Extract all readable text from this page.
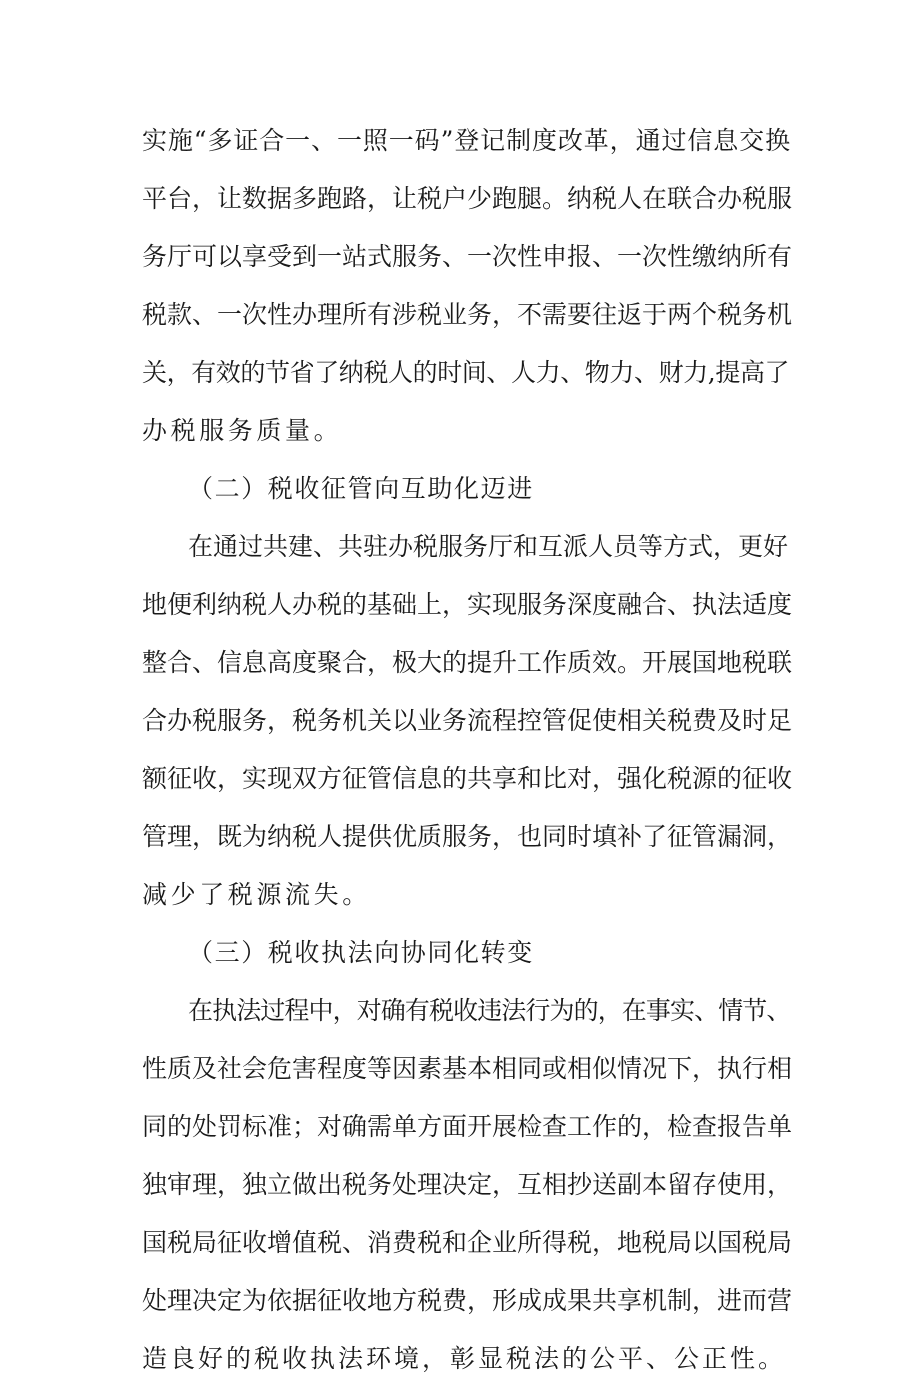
实施“多证合一、一照一码”登记制度改革，通过信息交换
平台，让数据多跑路，让税户少跑腿。纳税人在联合办税服
务厅可以享受到一站式服务、一次性申报、一次性缴纳所有
税款、一次性办理所有涉税业务，不需要往返于两个税务机
关，有效的节省了纳税人的时间、人力、物力、财力,提高了
办税服务质量。
（二）税收征管向互助化迈进
在通过共建、共驻办税服务厅和互派人员等方式，更好
地便利纳税人办税的基础上，实现服务深度融合、执法适度
整合、信息高度聚合，极大的提升工作质效。开展国地税联
合办税服务，税务机关以业务流程控管促使相关税费及时足
额征收，实现双方征管信息的共享和比对，强化税源的征收
管理，既为纳税人提供优质服务，也同时填补了征管漏洞，
减少了税源流失。
（三）税收执法向协同化转变
在执法过程中，对确有税收违法行为的，在事实、情节、
性质及社会危害程度等因素基本相同或相似情况下，执行相
同的处罚标准；对确需单方面开展检查工作的，检查报告单
独审理，独立做出税务处理决定，互相抄送副本留存使用，
国税局征收增值税、消费税和企业所得税，地税局以国税局
处理决定为依据征收地方税费，形成成果共享机制，进而营
造良好的税收执法环境，彰显税法的公平、公正性。
